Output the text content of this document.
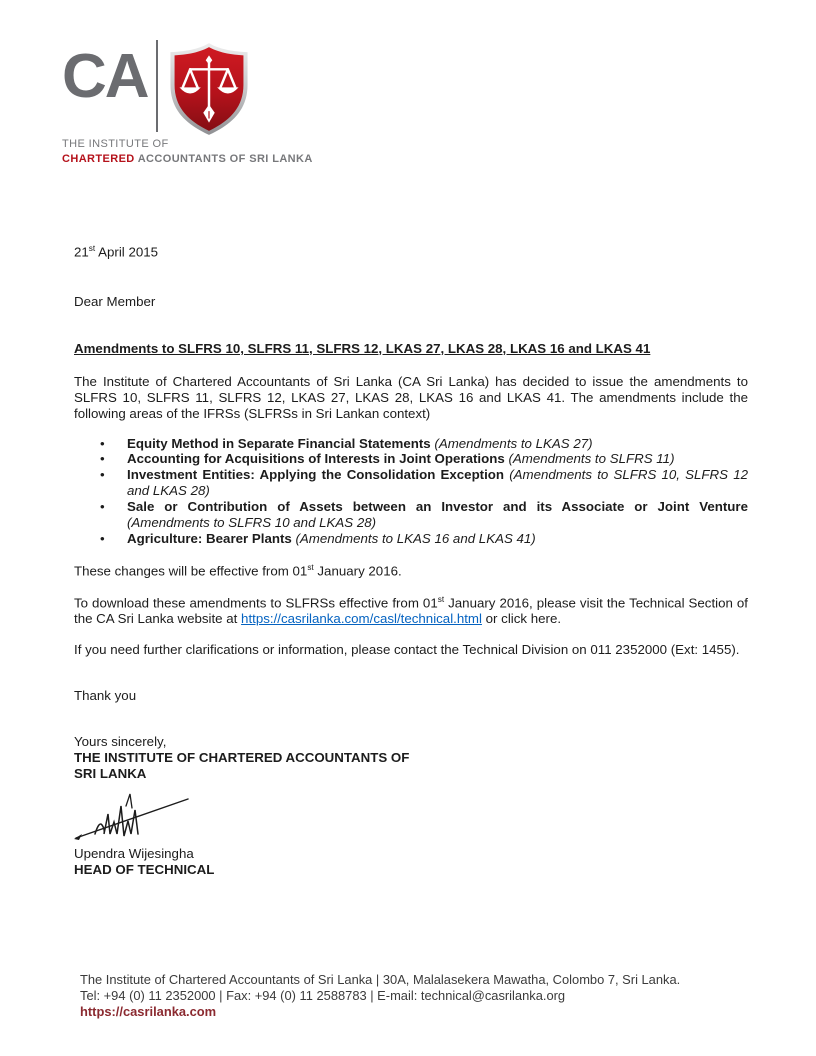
CA
THE INSTITUTE OF
CHARTERED ACCOUNTANTS OF SRI LANKA

21st April 2015

Dear Member

Amendments to SLFRS 10, SLFRS 11, SLFRS 12, LKAS 27, LKAS 28, LKAS 16 and LKAS 41

The Institute of Chartered Accountants of Sri Lanka (CA Sri Lanka) has decided to issue the amendments to SLFRS 10, SLFRS 11, SLFRS 12, LKAS 27, LKAS 28, LKAS 16 and LKAS 41. The amendments include the following areas of the IFRSs (SLFRSs in Sri Lankan context)

• Equity Method in Separate Financial Statements (Amendments to LKAS 27)
• Accounting for Acquisitions of Interests in Joint Operations (Amendments to SLFRS 11)
• Investment Entities: Applying the Consolidation Exception (Amendments to SLFRS 10, SLFRS 12 and LKAS 28)
• Sale or Contribution of Assets between an Investor and its Associate or Joint Venture (Amendments to SLFRS 10 and LKAS 28)
• Agriculture: Bearer Plants (Amendments to LKAS 16 and LKAS 41)

These changes will be effective from 01st January 2016.

To download these amendments to SLFRSs effective from 01st January 2016, please visit the Technical Section of the CA Sri Lanka website at https://casrilanka.com/casl/technical.html or click here.

If you need further clarifications or information, please contact the Technical Division on 011 2352000 (Ext: 1455).

Thank you

Yours sincerely,

THE INSTITUTE OF CHARTERED ACCOUNTANTS OF

SRI LANKA

Upendra Wijesingha

HEAD OF TECHNICAL

The Institute of Chartered Accountants of Sri Lanka | 30A, Malalasekera Mawatha, Colombo 7, Sri Lanka.
Tel: +94 (0) 11 2352000 | Fax: +94 (0) 11 2588783 | E-mail: technical@casrilanka.org
https://casrilanka.com
